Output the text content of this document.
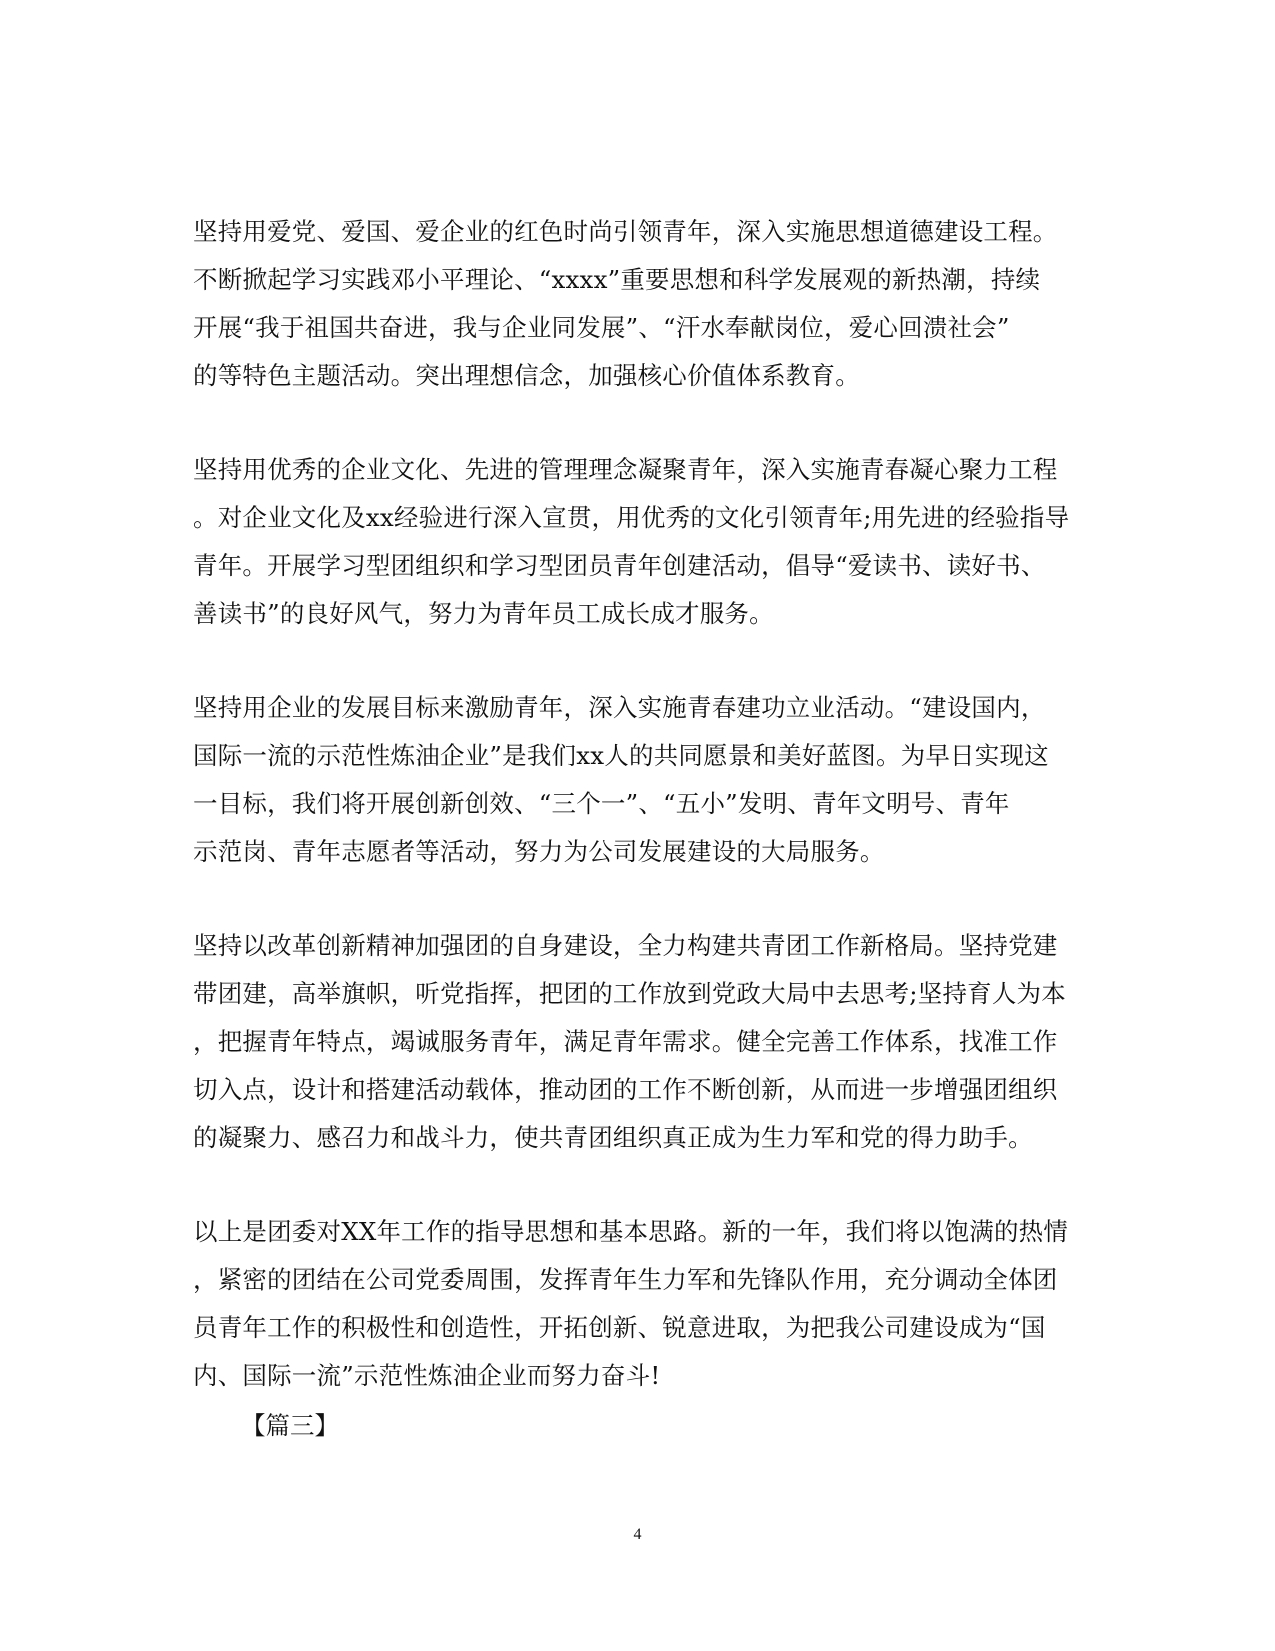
坚持用爱党、爱国、爱企业的红色时尚引领青年，深入实施思想道德建设工程。
不断掀起学习实践邓小平理论、“xxxx”重要思想和科学发展观的新热潮，持续
开展“我于祖国共奋进，我与企业同发展”、“汗水奉献岗位，爱心回溃社会”
的等特色主题活动。突出理想信念，加强核心价值体系教育。
坚持用优秀的企业文化、先进的管理理念凝聚青年，深入实施青春凝心聚力工程
。对企业文化及xx经验进行深入宣贯，用优秀的文化引领青年;用先进的经验指导
青年。开展学习型团组织和学习型团员青年创建活动，倡导“爱读书、读好书、
善读书”的良好风气，努力为青年员工成长成才服务。
坚持用企业的发展目标来激励青年，深入实施青春建功立业活动。“建设国内，
国际一流的示范性炼油企业”是我们xx人的共同愿景和美好蓝图。为早日实现这
一目标，我们将开展创新创效、“三个一”、“五小”发明、青年文明号、青年
示范岗、青年志愿者等活动，努力为公司发展建设的大局服务。
坚持以改革创新精神加强团的自身建设，全力构建共青团工作新格局。坚持党建
带团建，高举旗帜，听党指挥，把团的工作放到党政大局中去思考;坚持育人为本
，把握青年特点，竭诚服务青年，满足青年需求。健全完善工作体系，找准工作
切入点，设计和搭建活动载体，推动团的工作不断创新，从而进一步增强团组织
的凝聚力、感召力和战斗力，使共青团组织真正成为生力军和党的得力助手。
以上是团委对XX年工作的指导思想和基本思路。新的一年，我们将以饱满的热情
，紧密的团结在公司党委周围，发挥青年生力军和先锋队作用，充分调动全体团
员青年工作的积极性和创造性，开拓创新、锐意进取，为把我公司建设成为“国
内、国际一流”示范性炼油企业而努力奋斗!
【篇三】
4
